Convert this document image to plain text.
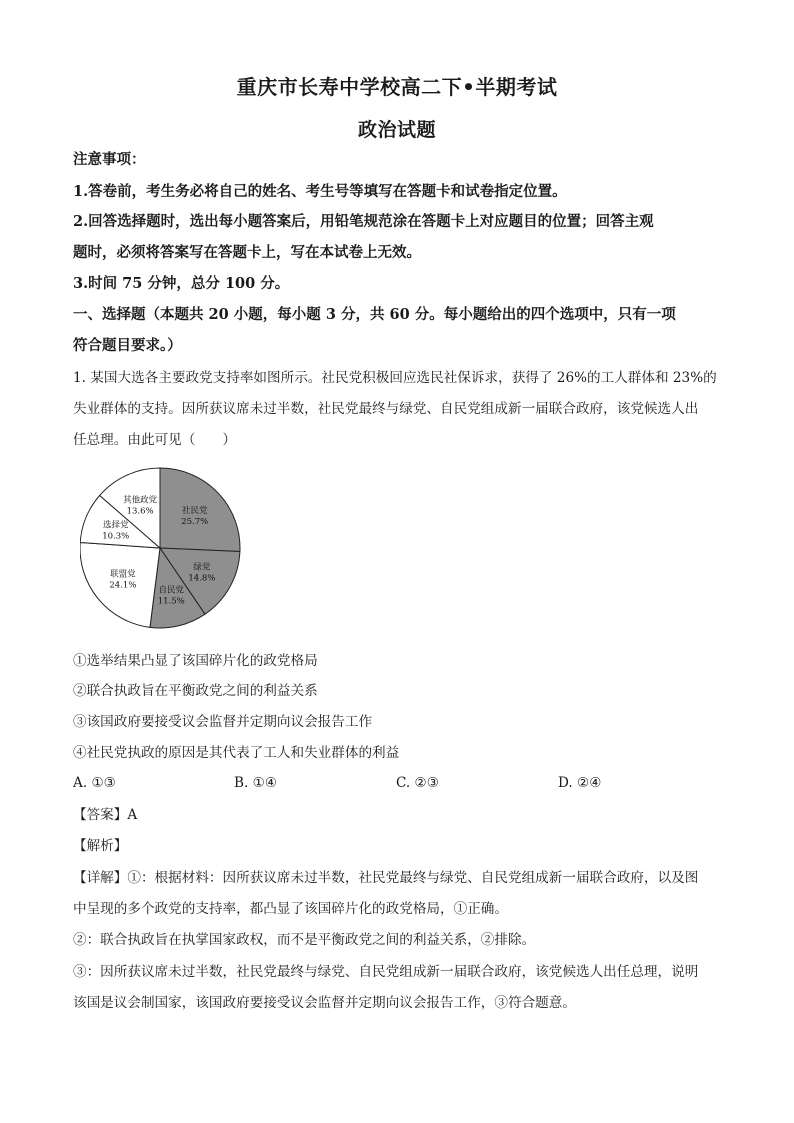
重庆市长寿中学校高二下•半期考试
政治试题
注意事项：
1.答卷前，考生务必将自己的姓名、考生号等填写在答题卡和试卷指定位置。
2.回答选择题时，选出每小题答案后，用铅笔规范涂在答题卡上对应题目的位置；回答主观
题时，必须将答案写在答题卡上，写在本试卷上无效。
3.时间 75 分钟，总分 100 分。
一、选择题（本题共 20 小题，每小题 3 分，共 60 分。每小题给出的四个选项中，只有一项
符合题目要求。）
1. 某国大选各主要政党支持率如图所示。社民党积极回应选民社保诉求，获得了 26%的工人群体和 23%的
失业群体的支持。因所获议席未过半数，社民党最终与绿党、自民党组成新一届联合政府，该党候选人出
任总理。由此可见（　　）
社民党
25.7%
绿党
14.8%
自民党
11.5%
联盟党
24.1%
选择党
10.3%
其他政党
13.6%
①选举结果凸显了该国碎片化的政党格局
②联合执政旨在平衡政党之间的利益关系
③该国政府要接受议会监督并定期向议会报告工作
④社民党执政的原因是其代表了工人和失业群体的利益
A. ①③	B. ①④	C. ②③	D. ②④
【答案】A
【解析】
【详解】①：根据材料：因所获议席未过半数，社民党最终与绿党、自民党组成新一届联合政府，以及图
中呈现的多个政党的支持率，都凸显了该国碎片化的政党格局，①正确。
②：联合执政旨在执掌国家政权，而不是平衡政党之间的利益关系，②排除。
③：因所获议席未过半数，社民党最终与绿党、自民党组成新一届联合政府，该党候选人出任总理，说明
该国是议会制国家，该国政府要接受议会监督并定期向议会报告工作，③符合题意。
